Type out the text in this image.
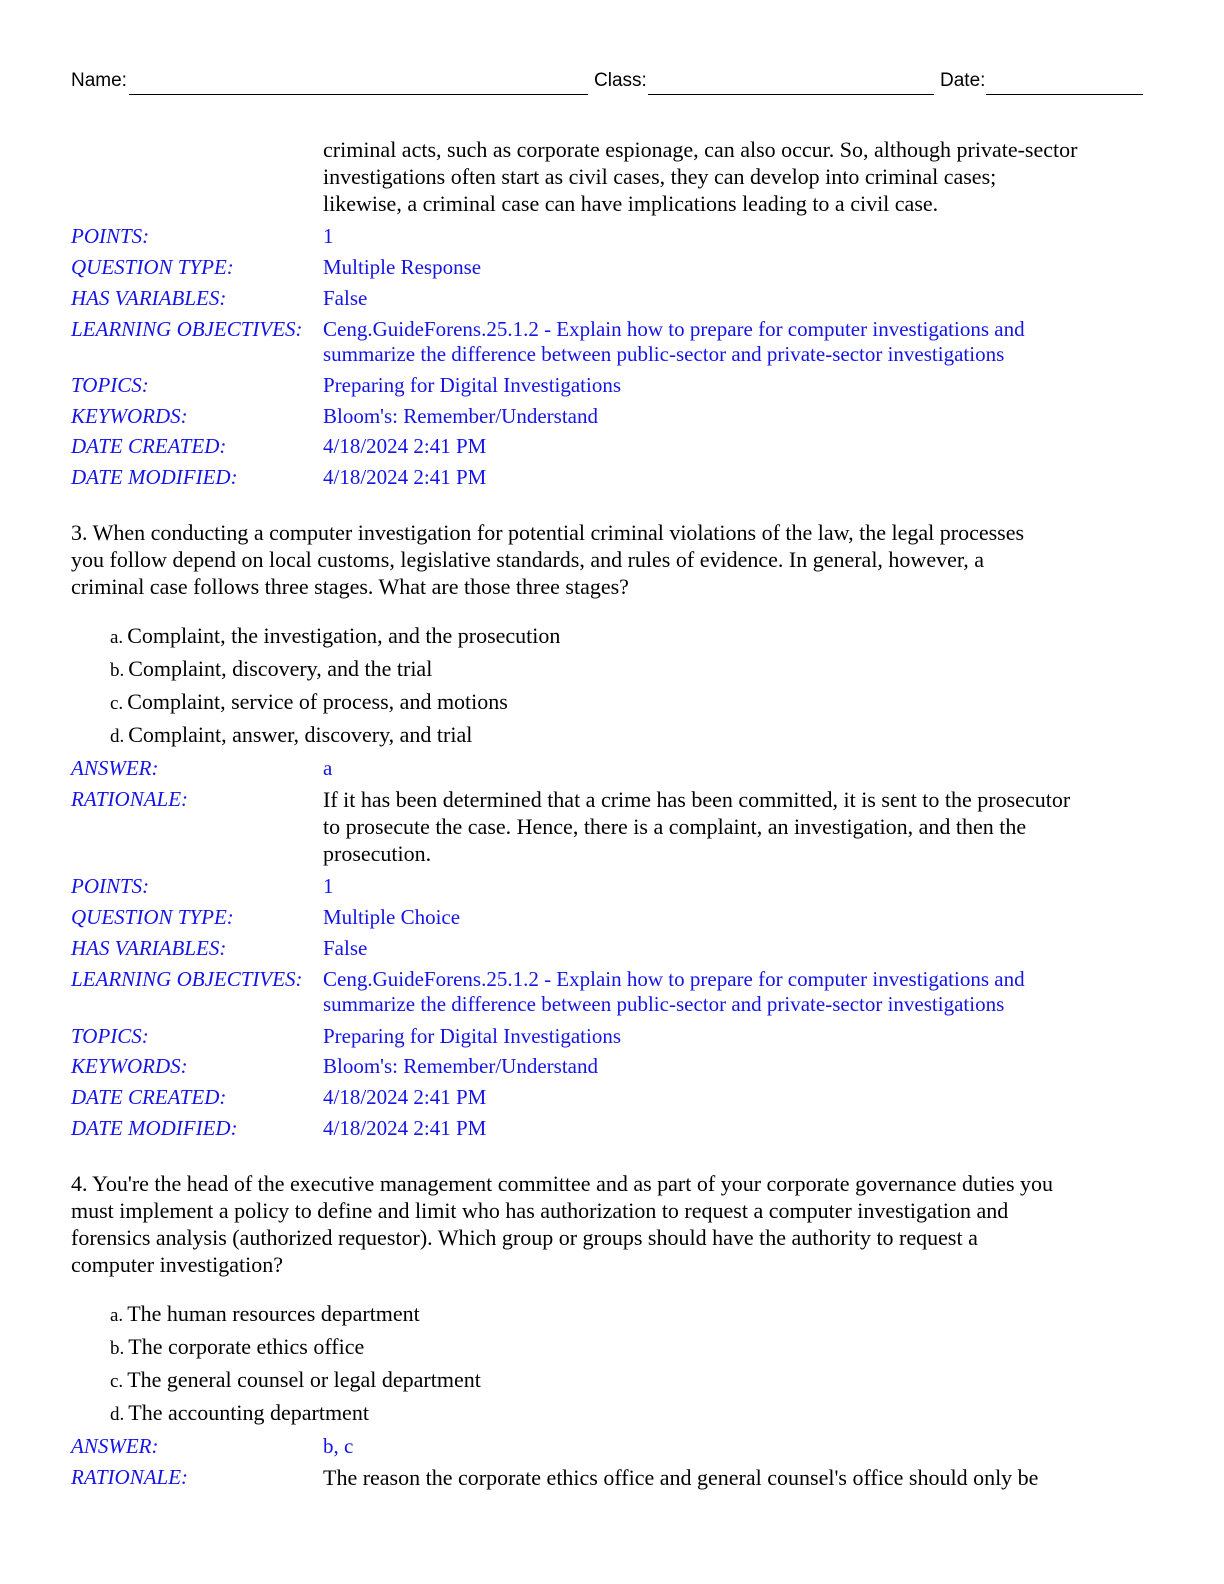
Name:	Class:	Date:
criminal acts, such as corporate espionage, can also occur. So, although private-sector
investigations often start as civil cases, they can develop into criminal cases;
likewise, a criminal case can have implications leading to a civil case.
POINTS:	1
QUESTION TYPE:	Multiple Response
HAS VARIABLES:	False
LEARNING OBJECTIVES: Ceng.GuideForens.25.1.2 - Explain how to prepare for computer investigations and
summarize the difference between public-sector and private-sector investigations
TOPICS:	Preparing for Digital Investigations
KEYWORDS:	Bloom's: Remember/Understand
DATE CREATED:	4/18/2024 2:41 PM
DATE MODIFIED:	4/18/2024 2:41 PM
3. When conducting a computer investigation for potential criminal violations of the law, the legal processes
you follow depend on local customs, legislative standards, and rules of evidence. In general, however, a
criminal case follows three stages. What are those three stages?
a. Complaint, the investigation, and the prosecution
b. Complaint, discovery, and the trial
c. Complaint, service of process, and motions
d. Complaint, answer, discovery, and trial
ANSWER:	a
RATIONALE:	If it has been determined that a crime has been committed, it is sent to the prosecutor
to prosecute the case. Hence, there is a complaint, an investigation, and then the
prosecution.
POINTS:	1
QUESTION TYPE:	Multiple Choice
HAS VARIABLES:	False
LEARNING OBJECTIVES: Ceng.GuideForens.25.1.2 - Explain how to prepare for computer investigations and
summarize the difference between public-sector and private-sector investigations
TOPICS:	Preparing for Digital Investigations
KEYWORDS:	Bloom's: Remember/Understand
DATE CREATED:	4/18/2024 2:41 PM
DATE MODIFIED:	4/18/2024 2:41 PM
4. You're the head of the executive management committee and as part of your corporate governance duties you
must implement a policy to define and limit who has authorization to request a computer investigation and
forensics analysis (authorized requestor). Which group or groups should have the authority to request a
computer investigation?
a. The human resources department
b. The corporate ethics office
c. The general counsel or legal department
d. The accounting department
ANSWER:	b, c
RATIONALE:	The reason the corporate ethics office and general counsel's office should only be
